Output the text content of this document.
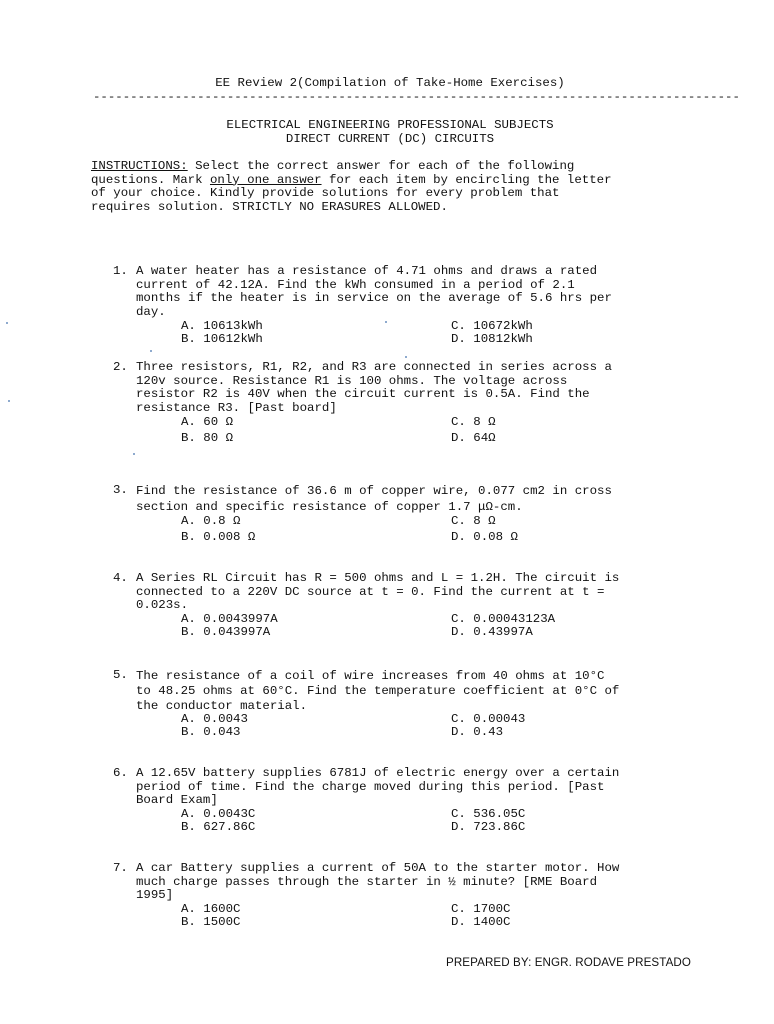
EE Review 2(Compilation of Take-Home Exercises)
---------------------------------------------------------------------------------------
ELECTRICAL ENGINEERING PROFESSIONAL SUBJECTS
DIRECT CURRENT (DC) CIRCUITS
INSTRUCTIONS: Select the correct answer for each of the following
questions. Mark only one answer for each item by encircling the letter
of your choice. Kindly provide solutions for every problem that
requires solution. STRICTLY NO ERASURES ALLOWED.
1. A water heater has a resistance of 4.71 ohms and draws a rated
current of 42.12A. Find the kWh consumed in a period of 2.1
months if the heater is in service on the average of 5.6 hrs per
day.
A. 10613kWh	C. 10672kWh
B. 10612kWh	D. 10812kWh
2. Three resistors, R1, R2, and R3 are connected in series across a
120v source. Resistance R1 is 100 ohms. The voltage across
resistor R2 is 40V when the circuit current is 0.5A. Find the
resistance R3. [Past board]
A. 60 Ω	C. 8 Ω
B. 80 Ω	D. 64Ω
3. Find the resistance of 36.6 m of copper wire, 0.077 cm2 in cross
section and specific resistance of copper 1.7 μΩ-cm.
A. 0.8 Ω	C. 8 Ω
B. 0.008 Ω	D. 0.08 Ω
4. A Series RL Circuit has R = 500 ohms and L = 1.2H. The circuit is
connected to a 220V DC source at t = 0. Find the current at t =
0.023s.
A. 0.0043997A	C. 0.00043123A
B. 0.043997A	D. 0.43997A
5. The resistance of a coil of wire increases from 40 ohms at 10°C
to 48.25 ohms at 60°C. Find the temperature coefficient at 0°C of
the conductor material.
A. 0.0043	C. 0.00043
B. 0.043	D. 0.43
6. A 12.65V battery supplies 6781J of electric energy over a certain
period of time. Find the charge moved during this period. [Past
Board Exam]
A. 0.0043C	C. 536.05C
B. 627.86C	D. 723.86C
7. A car Battery supplies a current of 50A to the starter motor. How
much charge passes through the starter in ½ minute? [RME Board
1995]
A. 1600C	C. 1700C
B. 1500C	D. 1400C
PREPARED BY: ENGR. RODAVE PRESTADO
